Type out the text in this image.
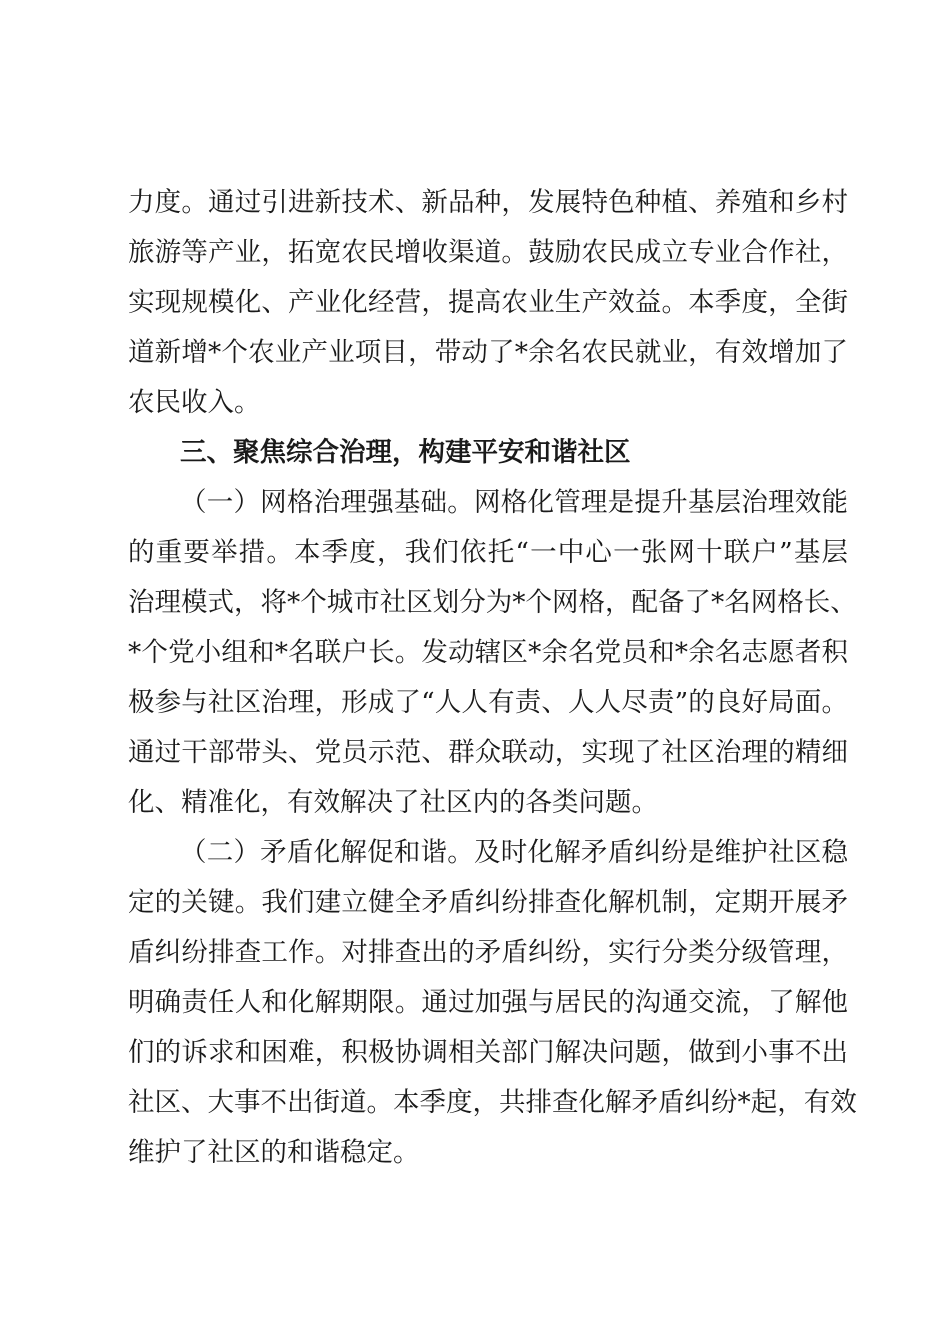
力度。通过引进新技术、新品种，发展特色种植、养殖和乡村
旅游等产业，拓宽农民增收渠道。鼓励农民成立专业合作社，
实现规模化、产业化经营，提高农业生产效益。本季度，全街
道新增*个农业产业项目，带动了*余名农民就业，有效增加了
农民收入。
三、聚焦综合治理，构建平安和谐社区
（一）网格治理强基础。网格化管理是提升基层治理效能
的重要举措。本季度，我们依托“一中心一张网十联户”基层
治理模式，将*个城市社区划分为*个网格，配备了*名网格长、
*个党小组和*名联户长。发动辖区*余名党员和*余名志愿者积
极参与社区治理，形成了“人人有责、人人尽责”的良好局面。
通过干部带头、党员示范、群众联动，实现了社区治理的精细
化、精准化，有效解决了社区内的各类问题。
（二）矛盾化解促和谐。及时化解矛盾纠纷是维护社区稳
定的关键。我们建立健全矛盾纠纷排查化解机制，定期开展矛
盾纠纷排查工作。对排查出的矛盾纠纷，实行分类分级管理，
明确责任人和化解期限。通过加强与居民的沟通交流，了解他
们的诉求和困难，积极协调相关部门解决问题，做到小事不出
社区、大事不出街道。本季度，共排查化解矛盾纠纷*起，有效
维护了社区的和谐稳定。
